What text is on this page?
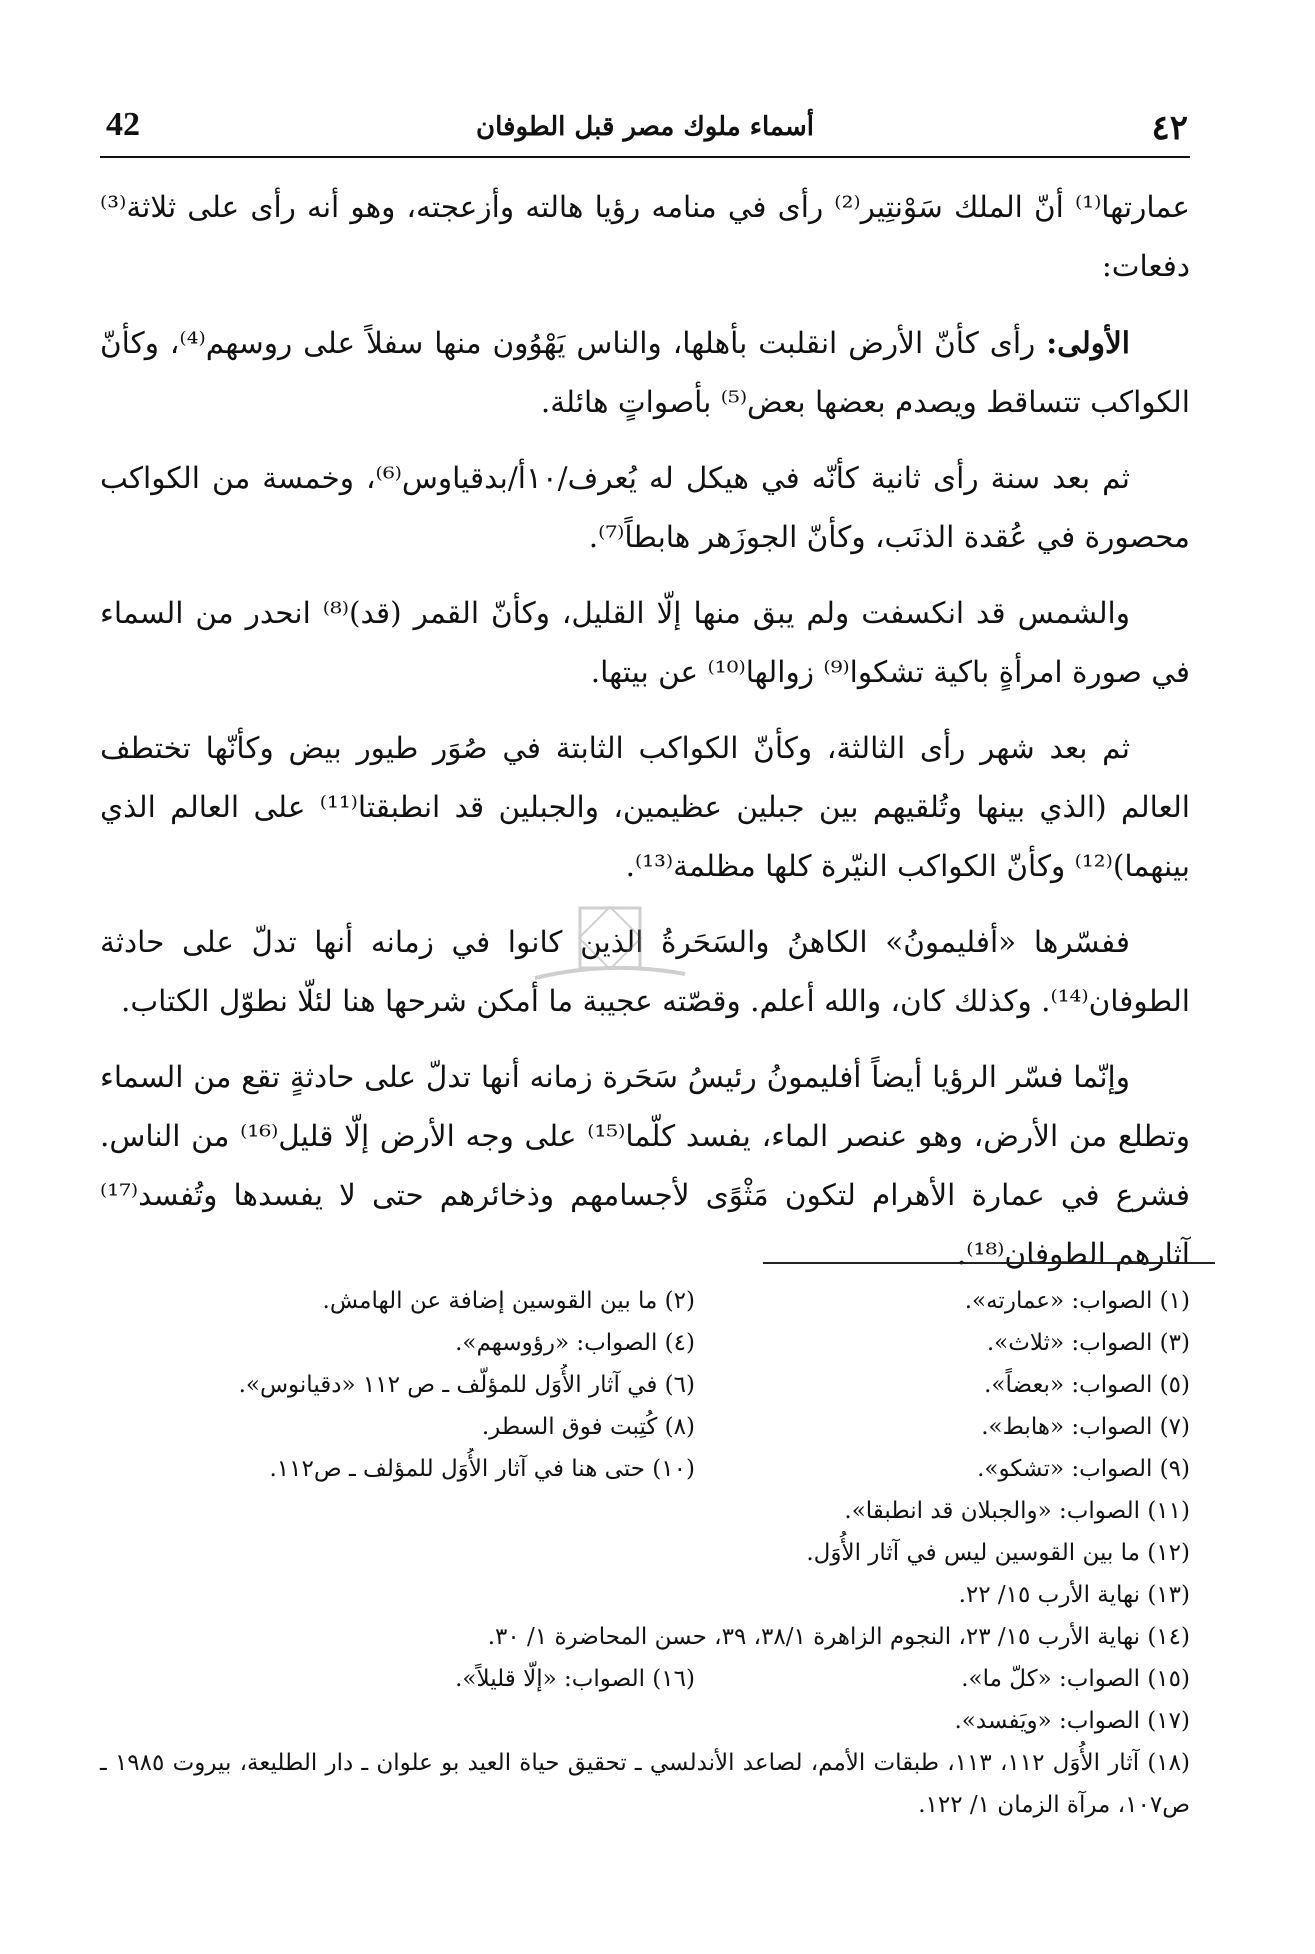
42	أسماء ملوك مصر قبل الطوفان	٤٢

عمارتها⁽¹⁾ أنّ الملك سَوْنتِير⁽²⁾ رأى في منامه رؤيا هالته وأزعجته، وهو أنه رأى على ثلاثة⁽³⁾ دفعات:

الأولى: رأى كأنّ الأرض انقلبت بأهلها، والناس يَهْوُون منها سفلاً على روسهم⁽⁴⁾، وكأنّ الكواكب تتساقط ويصدم بعضها بعض⁽⁵⁾ بأصواتٍ هائلة.

ثم بعد سنة رأى ثانية كأنّه في هيكل له يُعرف/١٠أ/بدقياوس⁽⁶⁾، وخمسة من الكواكب محصورة في عُقدة الذنَب، وكأنّ الجوزَهر هابطاً⁽⁷⁾.

والشمس قد انكسفت ولم يبق منها إلّا القليل، وكأنّ القمر (قد)⁽⁸⁾ انحدر من السماء في صورة امرأةٍ باكية تشكوا⁽⁹⁾ زوالها⁽¹⁰⁾ عن بيتها.

ثم بعد شهر رأى الثالثة، وكأنّ الكواكب الثابتة في صُوَر طيور بيض وكأنّها تختطف العالم (الذي بينها وتُلقيهم بين جبلين عظيمين، والجبلين قد انطبقتا⁽¹¹⁾ على العالم الذي بينهما)⁽¹²⁾ وكأنّ الكواكب النيّرة كلها مظلمة⁽¹³⁾.

ففسّرها «أفليمونُ» الكاهنُ والسَحَرةُ الذين كانوا في زمانه أنها تدلّ على حادثة الطوفان⁽¹⁴⁾. وكذلك كان، والله أعلم. وقصّته عجيبة ما أمكن شرحها هنا لئلّا نطوّل الكتاب.

وإنّما فسّر الرؤيا أيضاً أفليمونُ رئيسُ سَحَرة زمانه أنها تدلّ على حادثةٍ تقع من السماء وتطلع من الأرض، وهو عنصر الماء، يفسد كلّما⁽¹⁵⁾ على وجه الأرض إلّا قليل⁽¹⁶⁾ من الناس. فشرع في عمارة الأهرام لتكون مَثْوًى لأجسامهم وذخائرهم حتى لا يفسدها وتُفسد⁽¹⁷⁾ آثارهم الطوفان⁽¹⁸⁾.

(١) الصواب: «عمارته».
(٢) ما بين القوسين إضافة عن الهامش.
(٣) الصواب: «ثلاث».
(٤) الصواب: «رؤوسهم».
(٥) الصواب: «بعضاً».
(٦) في آثار الأُوَل للمؤلّف ـ ص ١١٢ «دقيانوس».
(٧) الصواب: «هابط».
(٨) كُتِبت فوق السطر.
(٩) الصواب: «تشكو».
(١٠) حتى هنا في آثار الأُوَل للمؤلف ـ ص١١٢.
(١١) الصواب: «والجبلان قد انطبقا».
(١٢) ما بين القوسين ليس في آثار الأُوَل.
(١٣) نهاية الأرب ١٥/ ٢٢.
(١٤) نهاية الأرب ١٥/ ٢٣، النجوم الزاهرة ٣٨/١، ٣٩، حسن المحاضرة ١/ ٣٠.
(١٥) الصواب: «كلّ ما».
(١٦) الصواب: «إلّا قليلاً».
(١٧) الصواب: «ويَفسد».
(١٨) آثار الأُوَل ١١٢، ١١٣، طبقات الأمم، لصاعد الأندلسي ـ تحقيق حياة العيد بو علوان ـ دار الطليعة، بيروت ١٩٨٥ ـ ص١٠٧، مرآة الزمان ١/ ١٢٢.
